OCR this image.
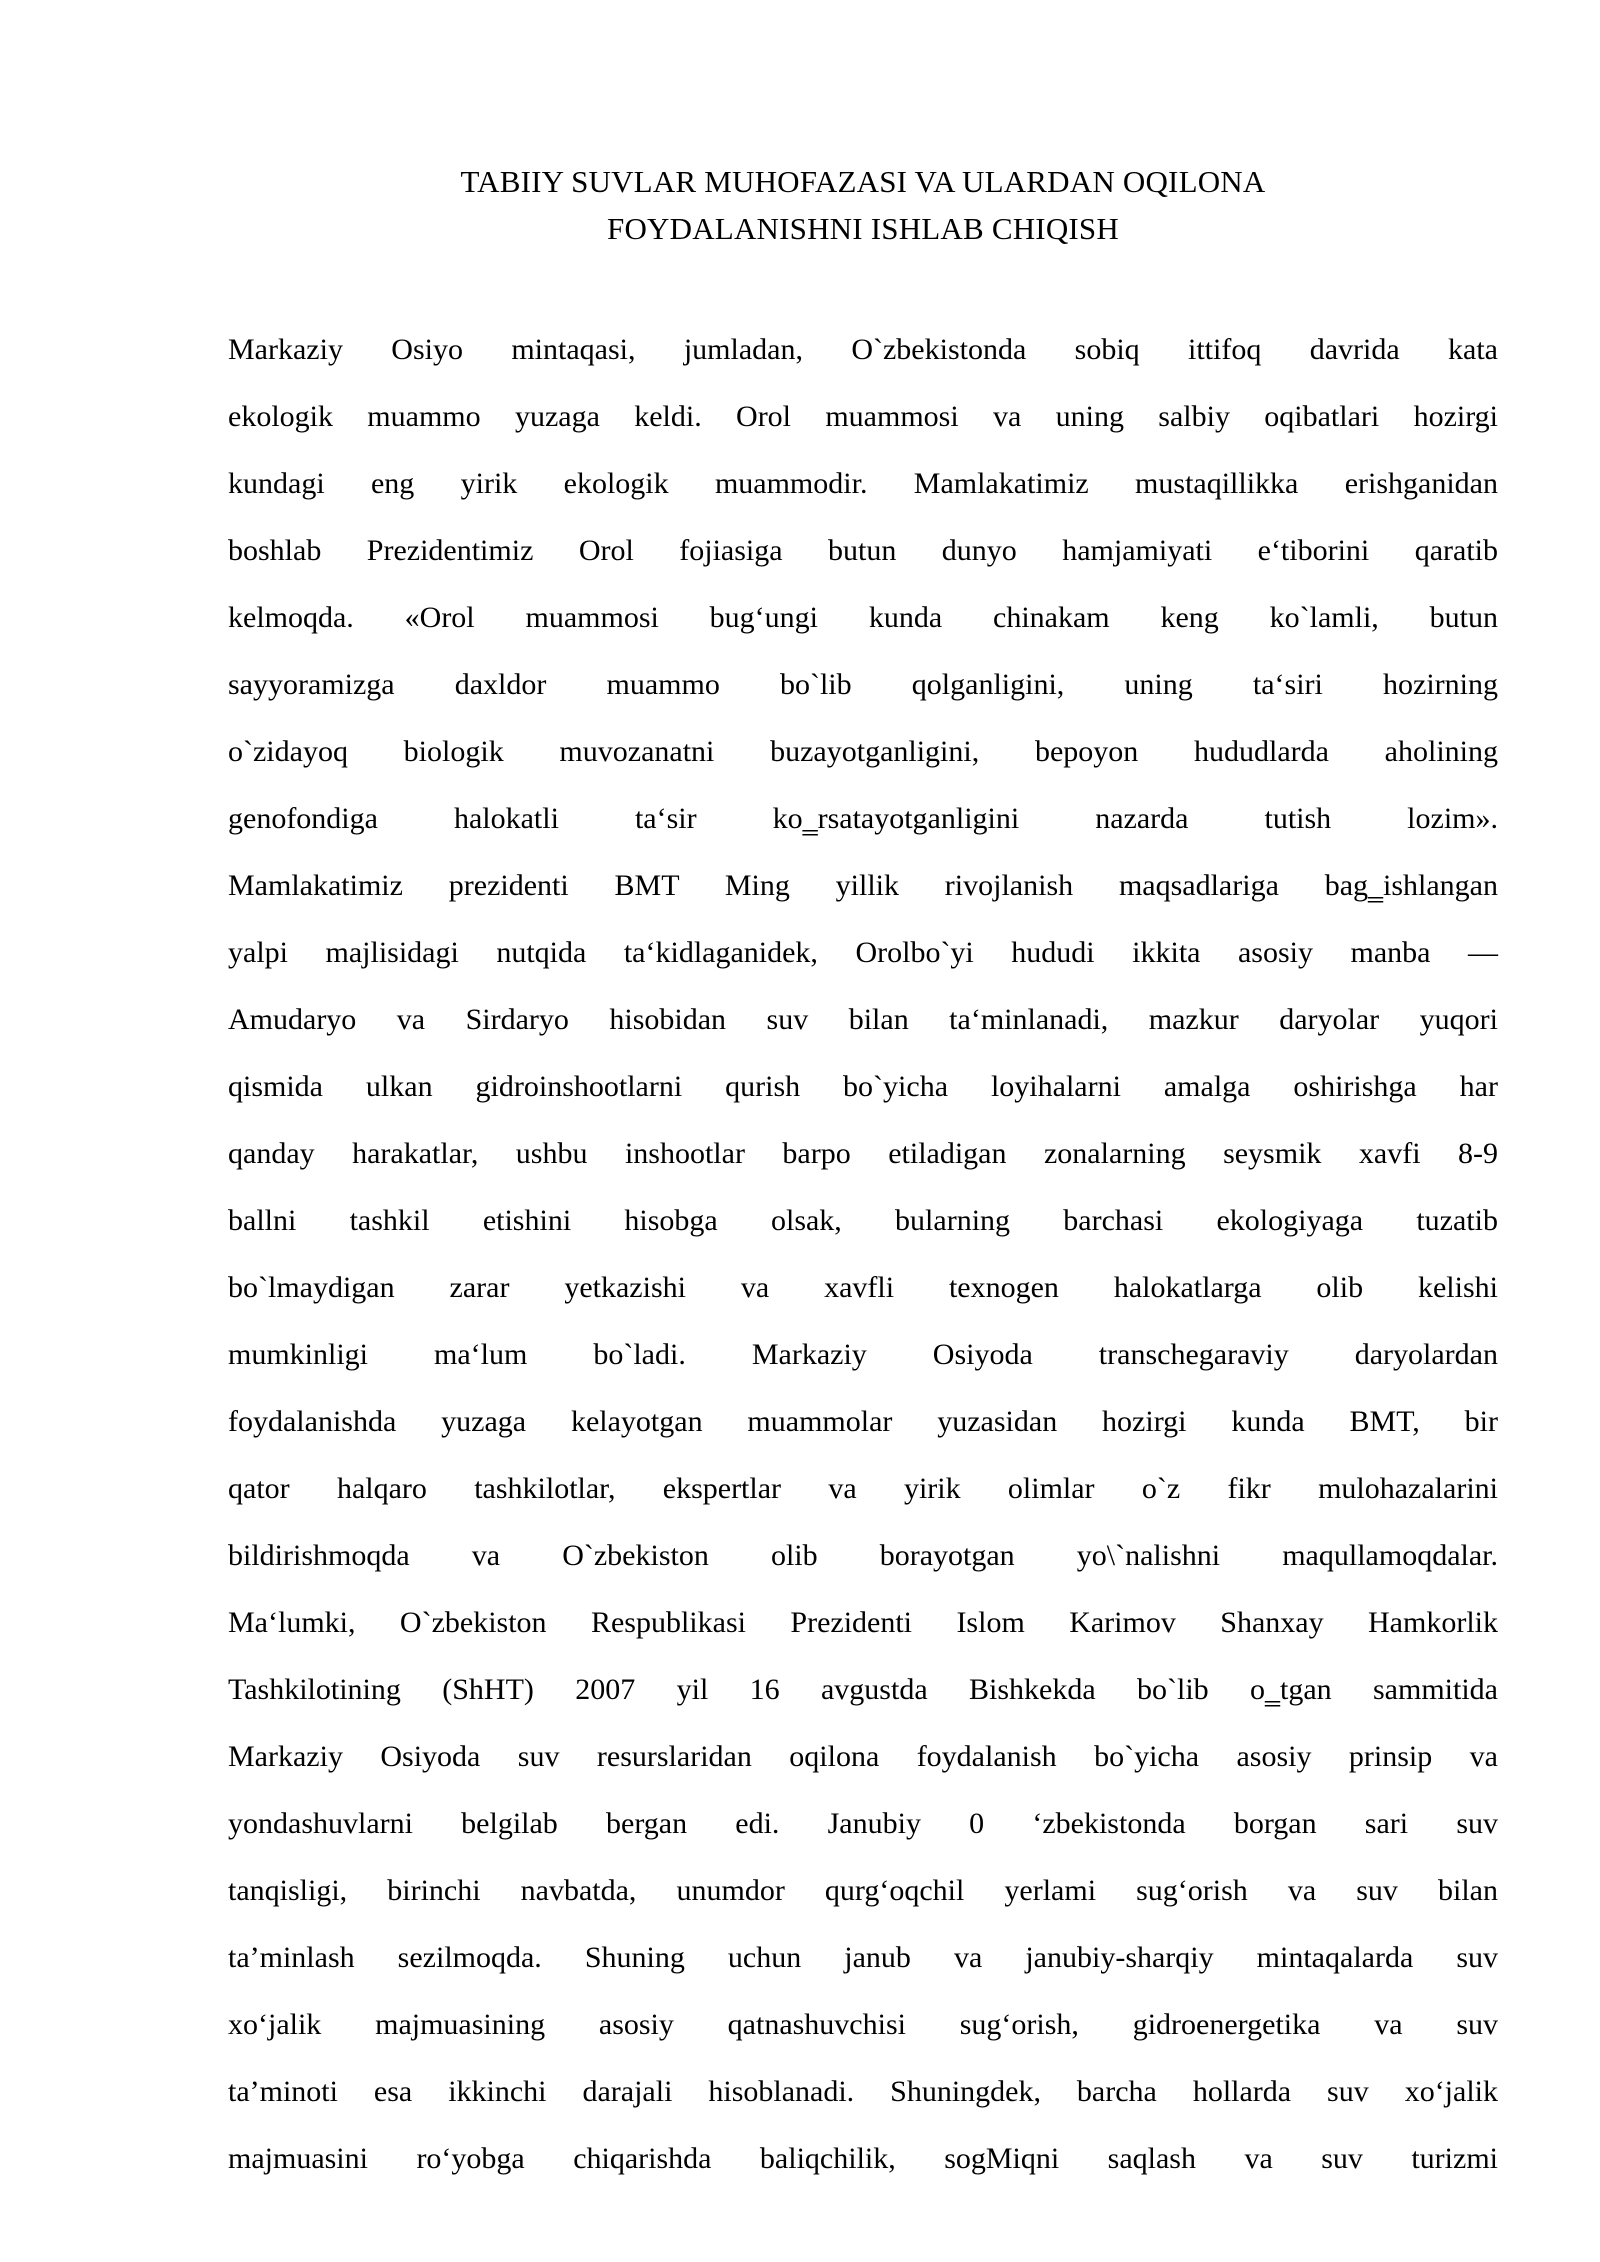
TABIIY SUVLAR MUHOFAZASI VA ULARDAN OQILONA
FOYDALANISHNI ISHLAB CHIQISH
Markaziy Osiyo mintaqasi, jumladan, O`zbekistonda sobiq ittifoq davrida kata
ekologik muammo yuzaga keldi. Orol muammosi va uning salbiy oqibatlari hozirgi
kundagi eng yirik ekologik muammodir. Mamlakatimiz mustaqillikka erishganidan
boshlab Prezidentimiz Orol fojiasiga butun dunyo hamjamiyati e‘tiborini qaratib
kelmoqda. «Orol muammosi bug‘ungi kunda chinakam keng ko`lamli, butun
sayyoramizga daxldor muammo bo`lib qolganligini, uning ta‘siri hozirning
o`zidayoq biologik muvozanatni buzayotganligini, bepoyon hududlarda aholining
genofondiga halokatli ta‘sir ko‗rsatayotganligini nazarda tutish lozim».
Mamlakatimiz prezidenti BMT Ming yillik rivojlanish maqsadlariga bag‗ishlangan
yalpi majlisidagi nutqida ta‘kidlaganidek, Orolbo`yi hududi ikkita asosiy manba —
Amudaryo va Sirdaryo hisobidan suv bilan ta‘minlanadi, mazkur daryolar yuqori
qismida ulkan gidroinshootlarni qurish bo`yicha loyihalarni amalga oshirishga har
qanday harakatlar, ushbu inshootlar barpo etiladigan zonalarning seysmik xavfi 8-9
ballni tashkil etishini hisobga olsak, bularning barchasi ekologiyaga tuzatib
bo`lmaydigan zarar yetkazishi va xavfli texnogen halokatlarga olib kelishi
mumkinligi ma‘lum bo`ladi. Markaziy Osiyoda transchegaraviy daryolardan
foydalanishda yuzaga kelayotgan muammolar yuzasidan hozirgi kunda BMT, bir
qator halqaro tashkilotlar, ekspertlar va yirik olimlar o`z fikr mulohazalarini
bildirishmoqda va O`zbekiston olib borayotgan yo\`nalishni maqullamoqdalar.
Ma‘lumki, O`zbekiston Respublikasi Prezidenti Islom Karimov Shanxay Hamkorlik
Tashkilotining (ShHT) 2007 yil 16 avgustda Bishkekda bo`lib o‗tgan sammitida
Markaziy Osiyoda suv resurslaridan oqilona foydalanish bo`yicha asosiy prinsip va
yondashuvlarni belgilab bergan edi. Janubiy 0 ‘zbekistonda borgan sari suv
tanqisligi, birinchi navbatda, unumdor qurg‘oqchil yerlami sug‘orish va suv bilan
ta’minlash sezilmoqda. Shuning uchun janub va janubiy-sharqiy mintaqalarda suv
xo‘jalik majmuasining asosiy qatnashuvchisi sug‘orish, gidroenergetika va suv
ta’minoti esa ikkinchi darajali hisoblanadi. Shuningdek, barcha hollarda suv xo‘jalik
majmuasini ro‘yobga chiqarishda baliqchilik, sogMiqni saqlash va suv turizmi
